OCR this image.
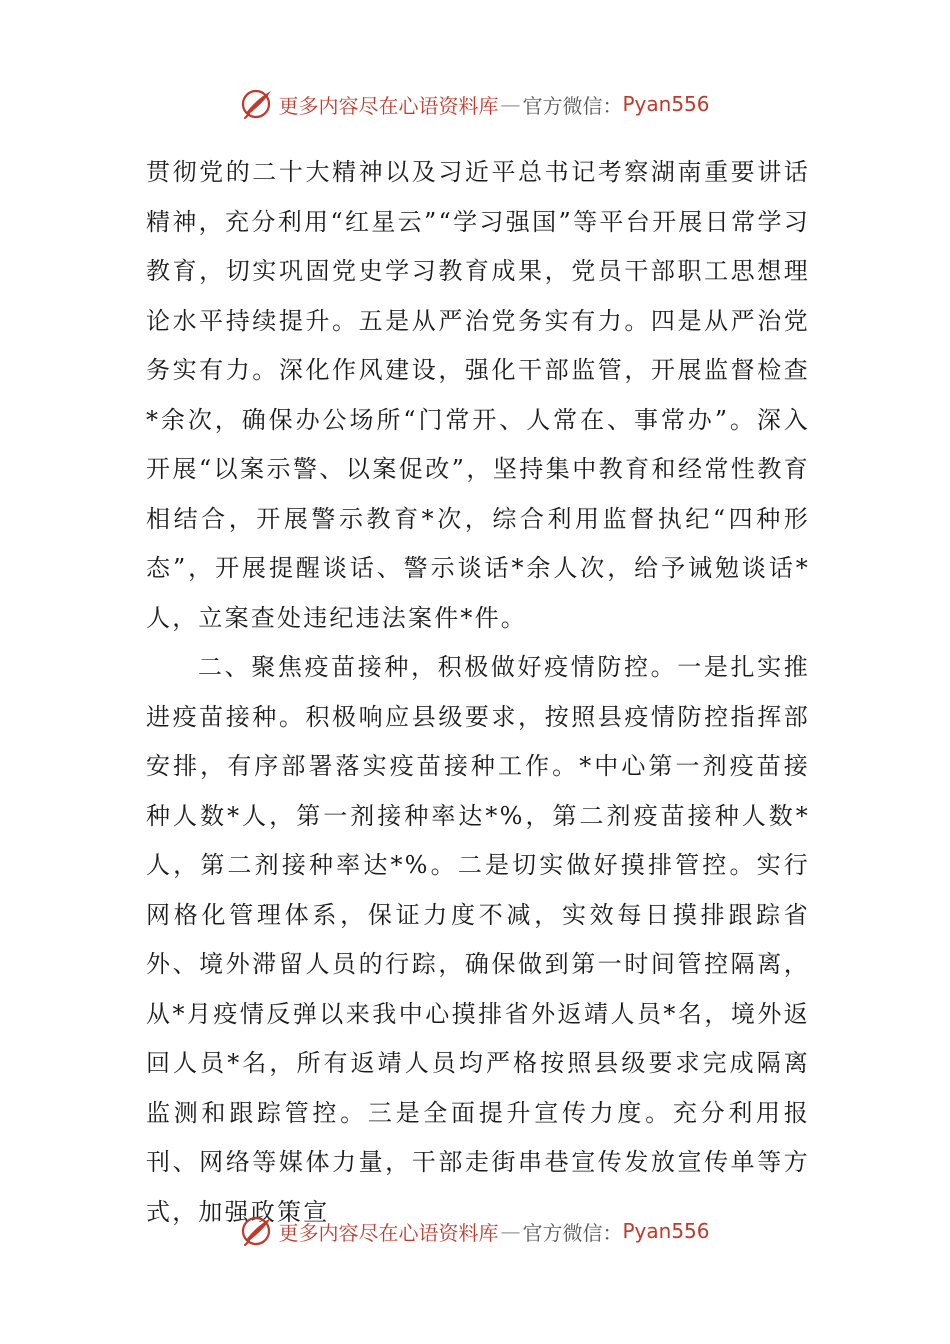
更多内容尽在心语资料库 — 官方微信： Pyan556

贯彻党的二十大精神以及习近平总书记考察湖南重要讲话精神，充分利用“红星云”“学习强国”等平台开展日常学习教育，切实巩固党史学习教育成果，党员干部职工思想理论水平持续提升。五是从严治党务实有力。四是从严治党务实有力。深化作风建设，强化干部监管，开展监督检查*余次，确保办公场所“门常开、人常在、事常办”。深入开展“以案示警、以案促改”，坚持集中教育和经常性教育相结合，开展警示教育*次，综合利用监督执纪“四种形态”，开展提醒谈话、警示谈话*余人次，给予诫勉谈话*人，立案查处违纪违法案件*件。

二、聚焦疫苗接种，积极做好疫情防控。一是扎实推进疫苗接种。积极响应县级要求，按照县疫情防控指挥部安排，有序部署落实疫苗接种工作。*中心第一剂疫苗接种人数*人，第一剂接种率达*%，第二剂疫苗接种人数*人，第二剂接种率达*%。二是切实做好摸排管控。实行网格化管理体系，保证力度不减，实效每日摸排跟踪省外、境外滞留人员的行踪，确保做到第一时间管控隔离，从*月疫情反弹以来我中心摸排省外返靖人员*名，境外返回人员*名，所有返靖人员均严格按照县级要求完成隔离监测和跟踪管控。三是全面提升宣传力度。充分利用报刊、网络等媒体力量，干部走街串巷宣传发放宣传单等方式，加强政策宣

更多内容尽在心语资料库 — 官方微信： Pyan556
